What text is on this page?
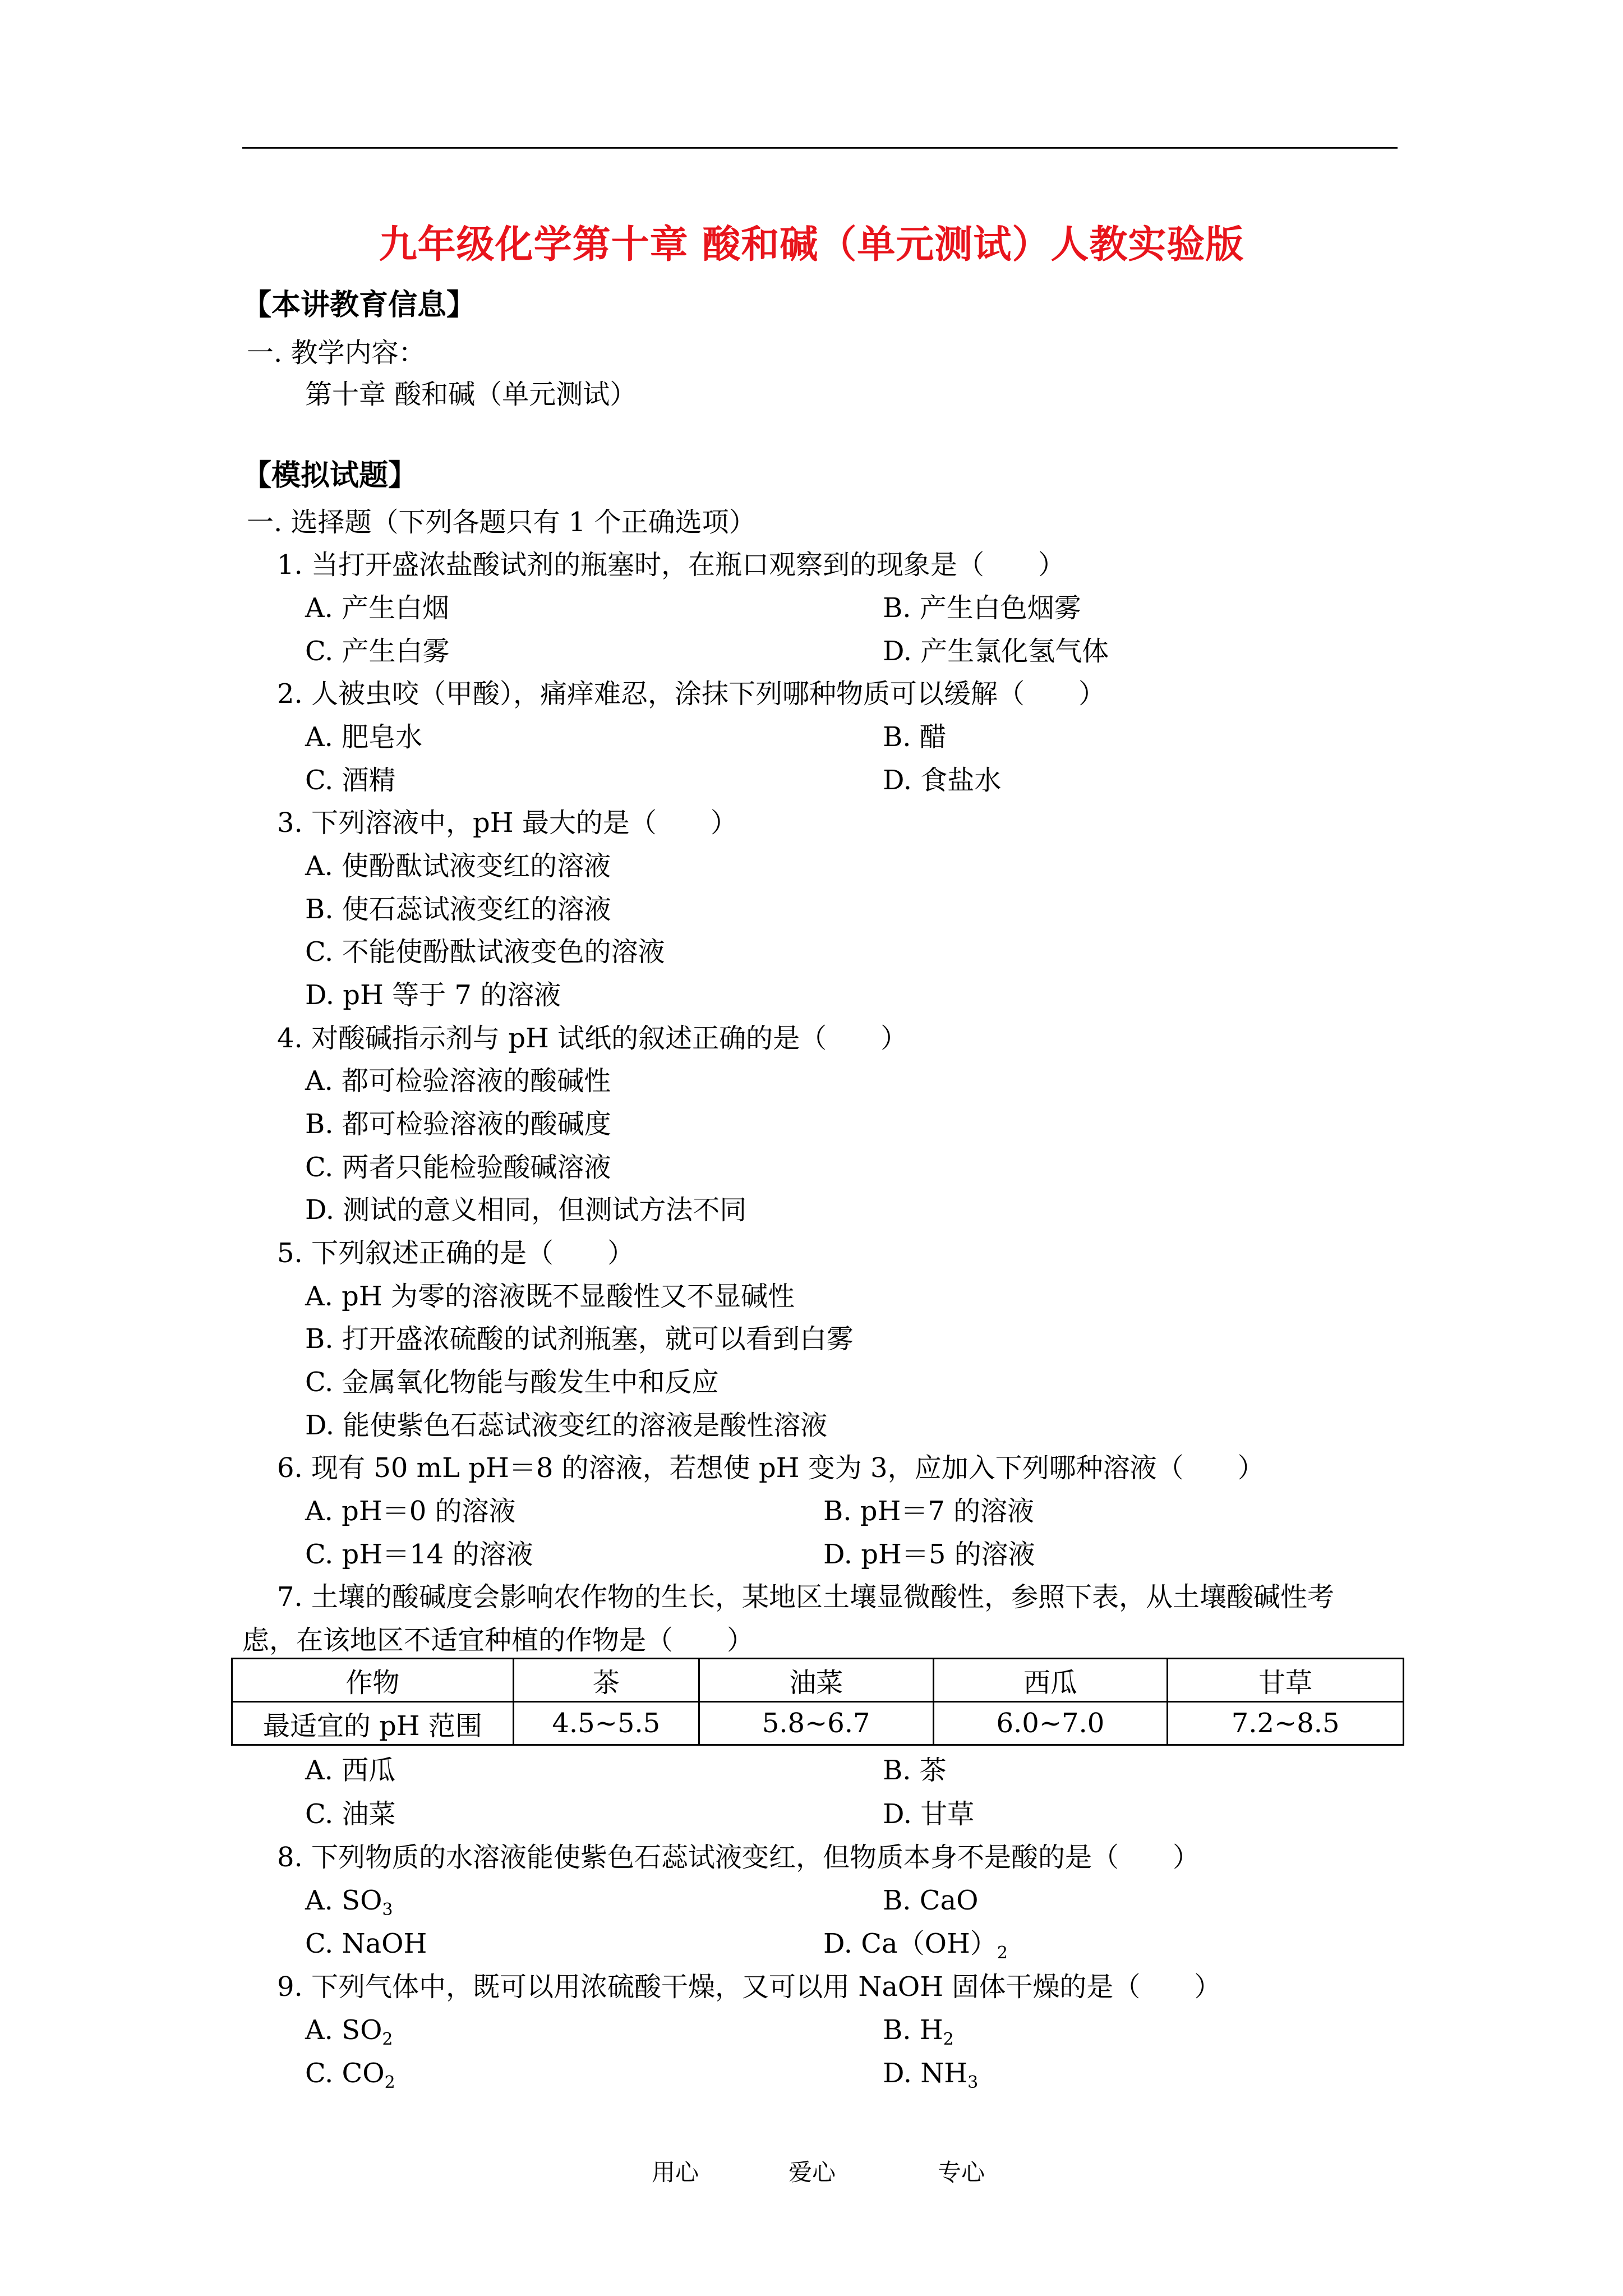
九年级化学第十章 酸和碱（单元测试）人教实验版
【本讲教育信息】
一. 教学内容：
第十章 酸和碱（单元测试）
【模拟试题】
一. 选择题（下列各题只有 1 个正确选项）
1. 当打开盛浓盐酸试剂的瓶塞时，在瓶口观察到的现象是（　　）
A. 产生白烟	B. 产生白色烟雾
C. 产生白雾	D. 产生氯化氢气体
2. 人被虫咬（甲酸），痛痒难忍，涂抹下列哪种物质可以缓解（　　）
A. 肥皂水	B. 醋
C. 酒精	D. 食盐水
3. 下列溶液中，pH 最大的是（　　）
A. 使酚酞试液变红的溶液
B. 使石蕊试液变红的溶液
C. 不能使酚酞试液变色的溶液
D. pH 等于 7 的溶液
4. 对酸碱指示剂与 pH 试纸的叙述正确的是（　　）
A. 都可检验溶液的酸碱性
B. 都可检验溶液的酸碱度
C. 两者只能检验酸碱溶液
D. 测试的意义相同，但测试方法不同
5. 下列叙述正确的是（　　）
A. pH 为零的溶液既不显酸性又不显碱性
B. 打开盛浓硫酸的试剂瓶塞，就可以看到白雾
C. 金属氧化物能与酸发生中和反应
D. 能使紫色石蕊试液变红的溶液是酸性溶液
6. 现有 50 mL pH＝8 的溶液，若想使 pH 变为 3，应加入下列哪种溶液（　　）
A. pH＝0 的溶液	B. pH＝7 的溶液
C. pH＝14 的溶液	D. pH＝5 的溶液
7. 土壤的酸碱度会影响农作物的生长，某地区土壤显微酸性，参照下表，从土壤酸碱性考
虑，在该地区不适宜种植的作物是（　　）
作物	茶	油菜	西瓜	甘草
最适宜的 pH 范围	4.5~5.5	5.8~6.7	6.0~7.0	7.2~8.5
A. 西瓜	B. 茶
C. 油菜	D. 甘草
8. 下列物质的水溶液能使紫色石蕊试液变红，但物质本身不是酸的是（　　）
A. $SO_3$	B. CaO
C. NaOH	D. $Ca(OH)_2$
9. 下列气体中，既可以用浓硫酸干燥，又可以用 NaOH 固体干燥的是（　　）
A. $SO_2$	B. $H_2$
C. $CO_2$	D. $NH_3$
用心	爱心	专心
